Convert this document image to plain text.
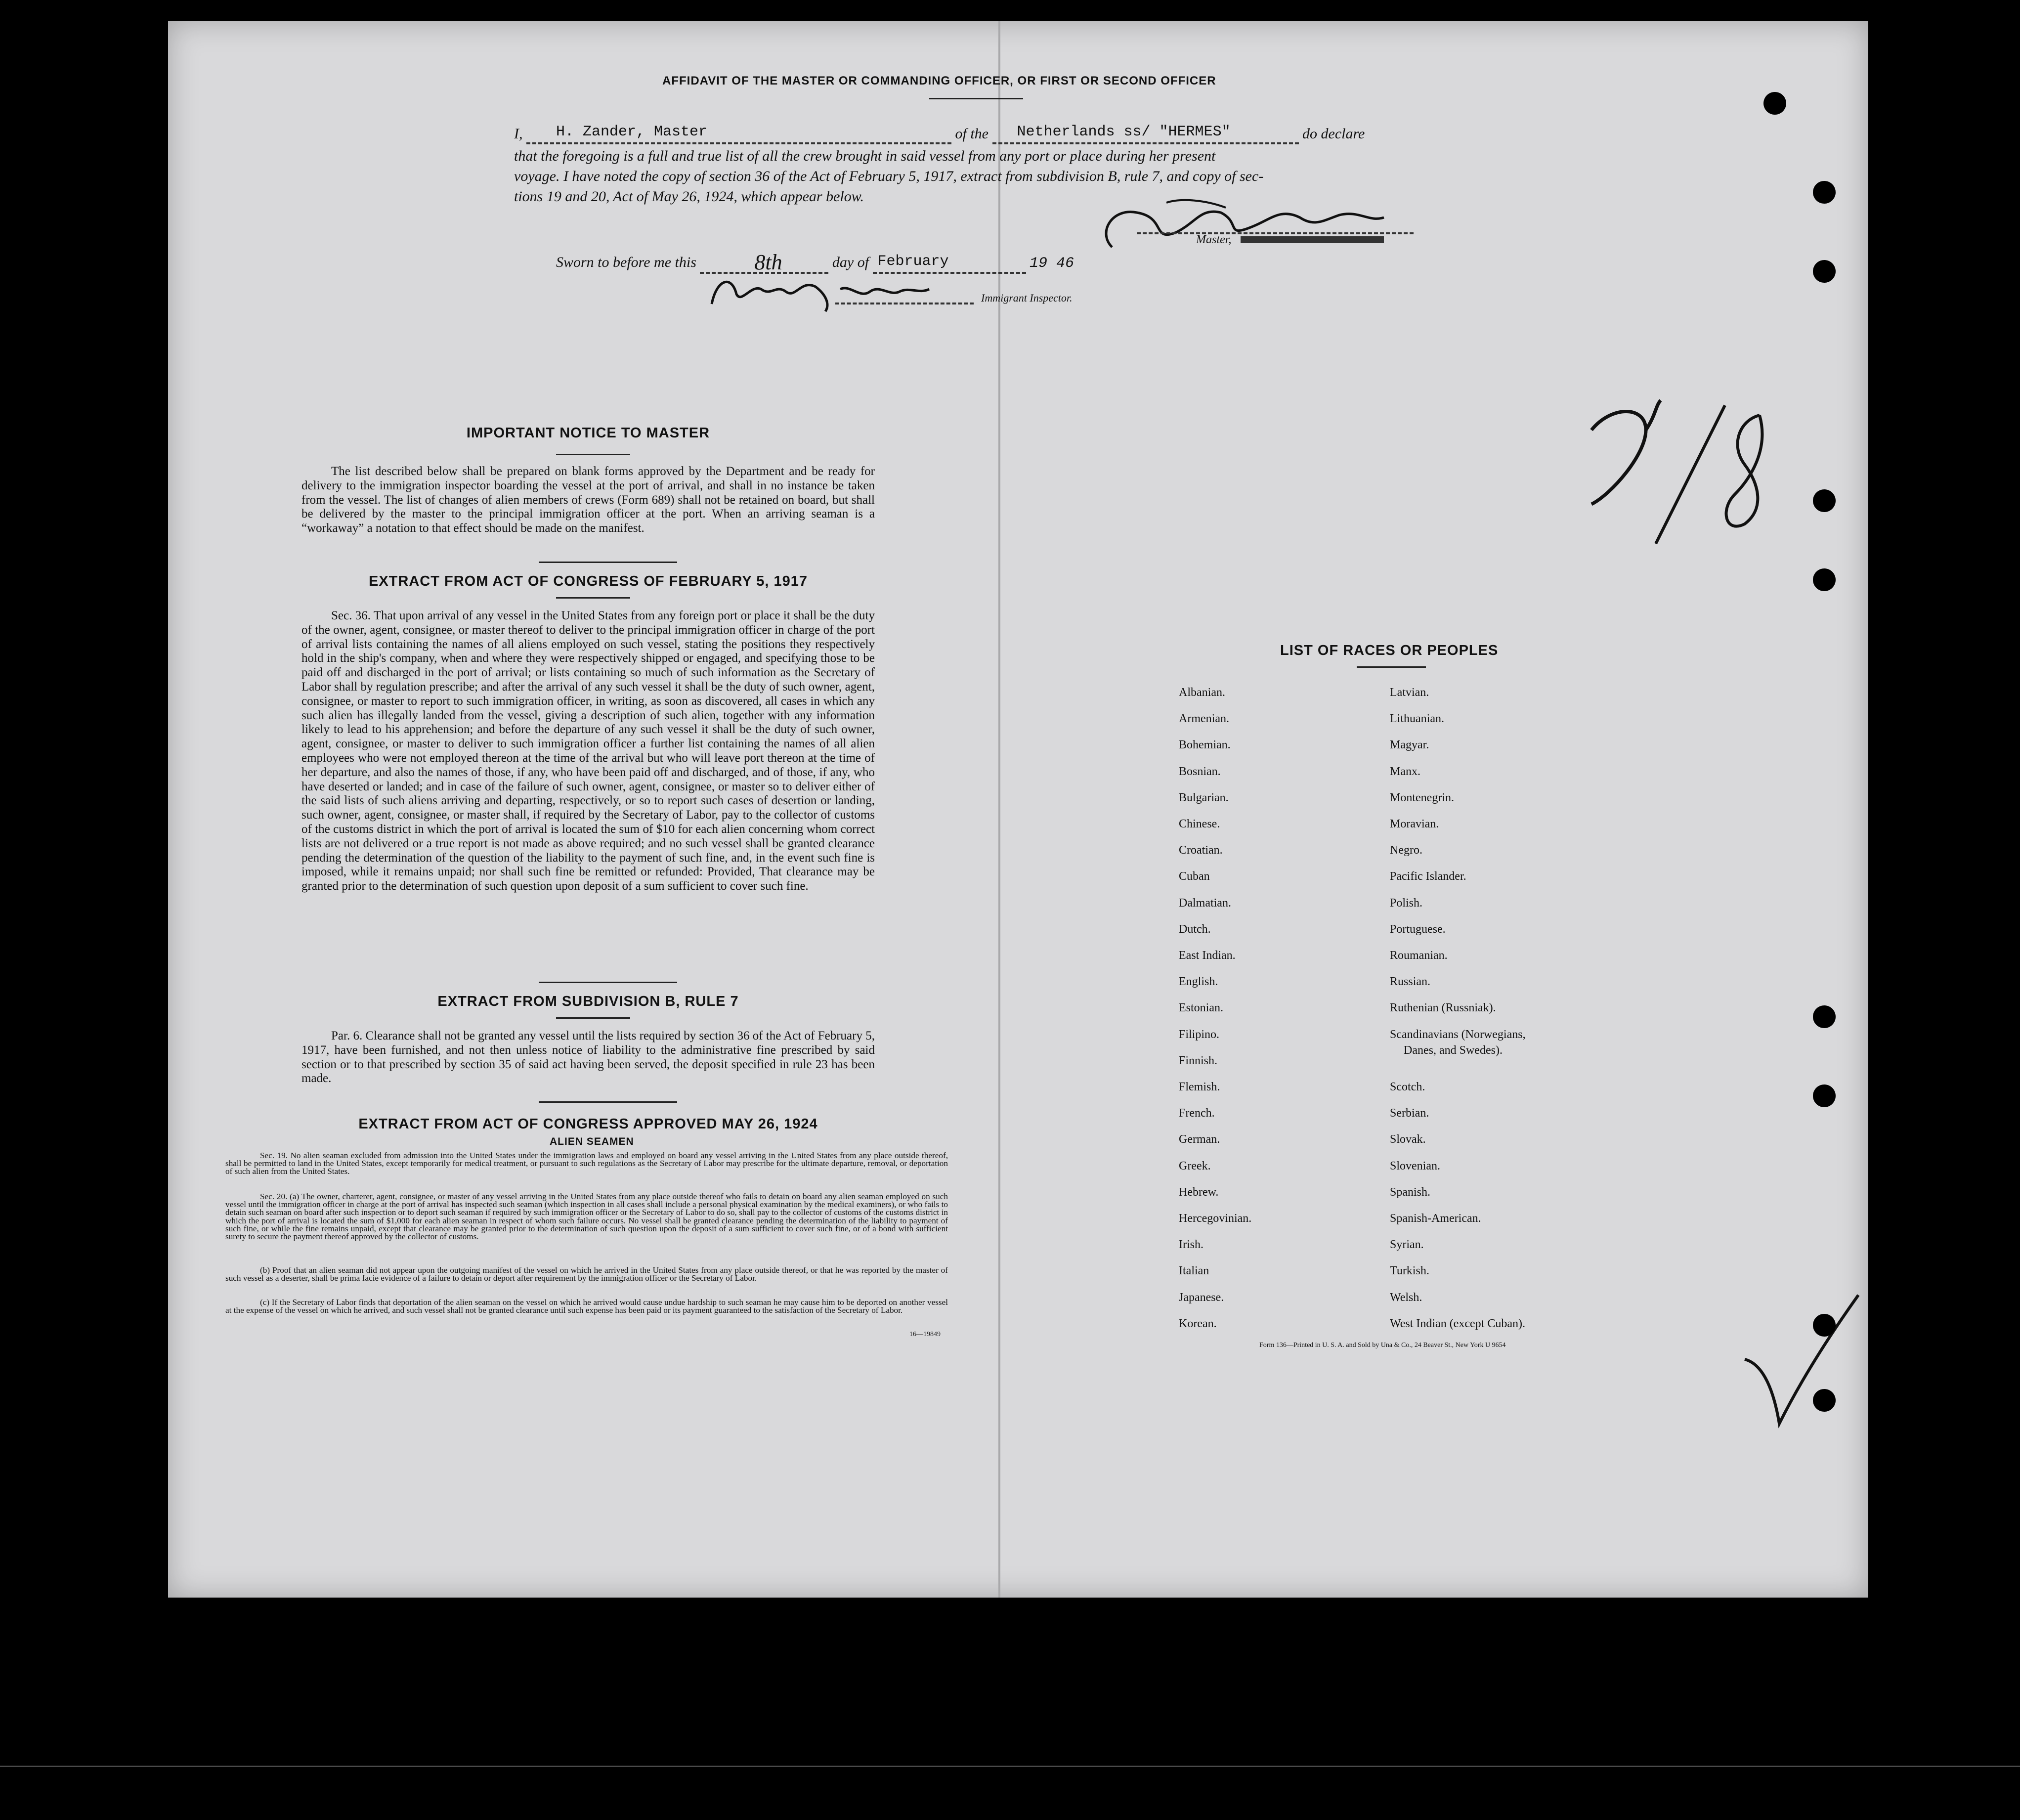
AFFIDAVIT OF THE MASTER OR COMMANDING OFFICER, OR FIRST OR SECOND OFFICER
I, H. Zander, Master	of the Netherlands ss/ "HERMES"	do declare
that the foregoing is a full and true list of all the crew brought in said vessel from any port or place during her present
voyage. I have noted the copy of section 36 of the Act of February 5, 1917, extract from subdivision B, rule 7, and copy of sec-
tions 19 and 20, Act of May 26, 1924, which appear below.
Master,
Sworn to before me this	8th	day of February	19 46
Immigrant Inspector.
IMPORTANT NOTICE TO MASTER
The list described below shall be prepared on blank forms approved by the Department and be ready for delivery to the immigration inspector boarding the vessel at the port of arrival, and shall in no instance be taken from the vessel. The list of changes of alien members of crews (Form 689) shall not be retained on board, but shall be delivered by the master to the principal immigration officer at the port. When an arriving seaman is a “workaway” a notation to that effect should be made on the manifest.
EXTRACT FROM ACT OF CONGRESS OF FEBRUARY 5, 1917
Sec. 36. That upon arrival of any vessel in the United States from any foreign port or place it shall be the duty of the owner, agent, consignee, or master thereof to deliver to the principal immigration officer in charge of the port of arrival lists containing the names of all aliens employed on such vessel, stating the positions they respectively hold in the ship's company, when and where they were respectively shipped or engaged, and specifying those to be paid off and discharged in the port of arrival; or lists containing so much of such information as the Secretary of Labor shall by regulation prescribe; and after the arrival of any such vessel it shall be the duty of such owner, agent, consignee, or master to report to such immigration officer, in writing, as soon as discovered, all cases in which any such alien has illegally landed from the vessel, giving a description of such alien, together with any information likely to lead to his apprehension; and before the departure of any such vessel it shall be the duty of such owner, agent, consignee, or master to deliver to such immigration officer a further list containing the names of all alien employees who were not employed thereon at the time of the arrival but who will leave port thereon at the time of her departure, and also the names of those, if any, who have been paid off and discharged, and of those, if any, who have deserted or landed; and in case of the failure of such owner, agent, consignee, or master so to deliver either of the said lists of such aliens arriving and departing, respectively, or so to report such cases of desertion or landing, such owner, agent, consignee, or master shall, if required by the Secretary of Labor, pay to the collector of customs of the customs district in which the port of arrival is located the sum of $10 for each alien concerning whom correct lists are not delivered or a true report is not made as above required; and no such vessel shall be granted clearance pending the determination of the question of the liability to the payment of such fine, and, in the event such fine is imposed, while it remains unpaid; nor shall such fine be remitted or refunded: Provided, That clearance may be granted prior to the determination of such question upon deposit of a sum sufficient to cover such fine.
EXTRACT FROM SUBDIVISION B, RULE 7
Par. 6. Clearance shall not be granted any vessel until the lists required by section 36 of the Act of February 5, 1917, have been furnished, and not then unless notice of liability to the administrative fine prescribed by said section or to that prescribed by section 35 of said act having been served, the deposit specified in rule 23 has been made.
EXTRACT FROM ACT OF CONGRESS APPROVED MAY 26, 1924
ALIEN SEAMEN
Sec. 19. No alien seaman excluded from admission into the United States under the immigration laws and employed on board any vessel arriving in the United States from any place outside thereof, shall be permitted to land in the United States, except temporarily for medical treatment, or pursuant to such regulations as the Secretary of Labor may prescribe for the ultimate departure, removal, or deportation of such alien from the United States.
Sec. 20. (a) The owner, charterer, agent, consignee, or master of any vessel arriving in the United States from any place outside thereof who fails to detain on board any alien seaman employed on such vessel until the immigration officer in charge at the port of arrival has inspected such seaman (which inspection in all cases shall include a personal physical examination by the medical examiners), or who fails to detain such seaman on board after such inspection or to deport such seaman if required by such immigration officer or the Secretary of Labor to do so, shall pay to the collector of customs of the customs district in which the port of arrival is located the sum of $1,000 for each alien seaman in respect of whom such failure occurs. No vessel shall be granted clearance pending the determination of the liability to payment of such fine, or while the fine remains unpaid, except that clearance may be granted prior to the determination of such question upon the deposit of a sum sufficient to cover such fine, or of a bond with sufficient surety to secure the payment thereof approved by the collector of customs.
(b) Proof that an alien seaman did not appear upon the outgoing manifest of the vessel on which he arrived in the United States from any place outside thereof, or that he was reported by the master of such vessel as a deserter, shall be prima facie evidence of a failure to detain or deport after requirement by the immigration officer or the Secretary of Labor.
(c) If the Secretary of Labor finds that deportation of the alien seaman on the vessel on which he arrived would cause undue hardship to such seaman he may cause him to be deported on another vessel at the expense of the vessel on which he arrived, and such vessel shall not be granted clearance until such expense has been paid or its payment guaranteed to the satisfaction of the Secretary of Labor.
16—19849
LIST OF RACES OR PEOPLES
Albanian.
Armenian.
Bohemian.
Bosnian.
Bulgarian.
Chinese.
Croatian.
Cuban
Dalmatian.
Dutch.
East Indian.
English.
Estonian.
Filipino.
Finnish.
Flemish.
French.
German.
Greek.
Hebrew.
Hercegovinian.
Irish.
Italian
Japanese.
Korean.
Latvian.
Lithuanian.
Magyar.
Manx.
Montenegrin.
Moravian.
Negro.
Pacific Islander.
Polish.
Portuguese.
Roumanian.
Russian.
Ruthenian (Russniak).
Scandinavians (Norwegians,
Danes, and Swedes).
Scotch.
Serbian.
Slovak.
Slovenian.
Spanish.
Spanish-American.
Syrian.
Turkish.
Welsh.
West Indian (except Cuban).
Form 136—Printed in U. S. A. and Sold by Una & Co., 24 Beaver St., New York U 9654
